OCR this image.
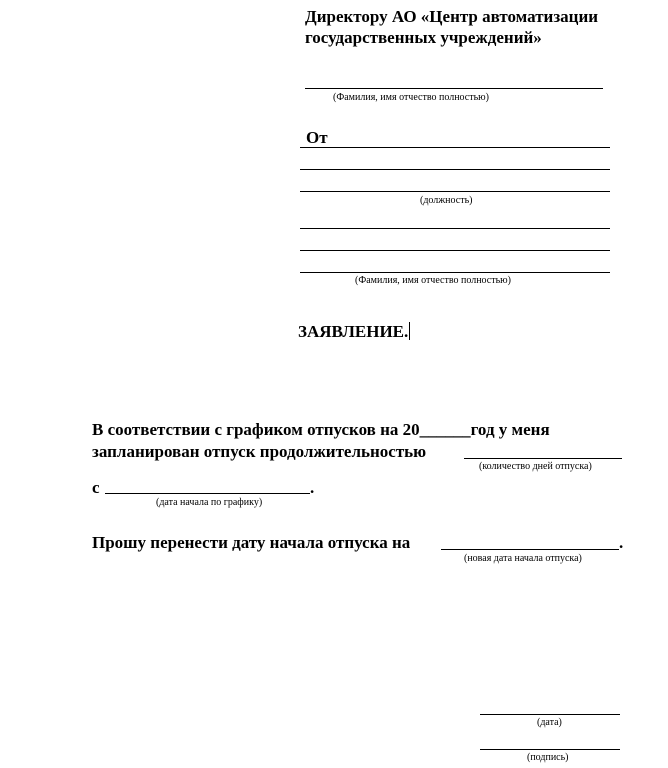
Директору АО «Центр автоматизации государственных учреждений»
(Фамилия, имя отчество полностью)
От
(должность)
(Фамилия, имя отчество полностью)
ЗАЯВЛЕНИЕ.
В соответствии с графиком отпусков на 20______год у меня
запланирован отпуск продолжительностью
(количество дней отпуска)
с	.
(дата начала по графику)
Прошу перенести дату начала отпуска на	.
(новая дата начала отпуска)
(дата)
(подпись)
